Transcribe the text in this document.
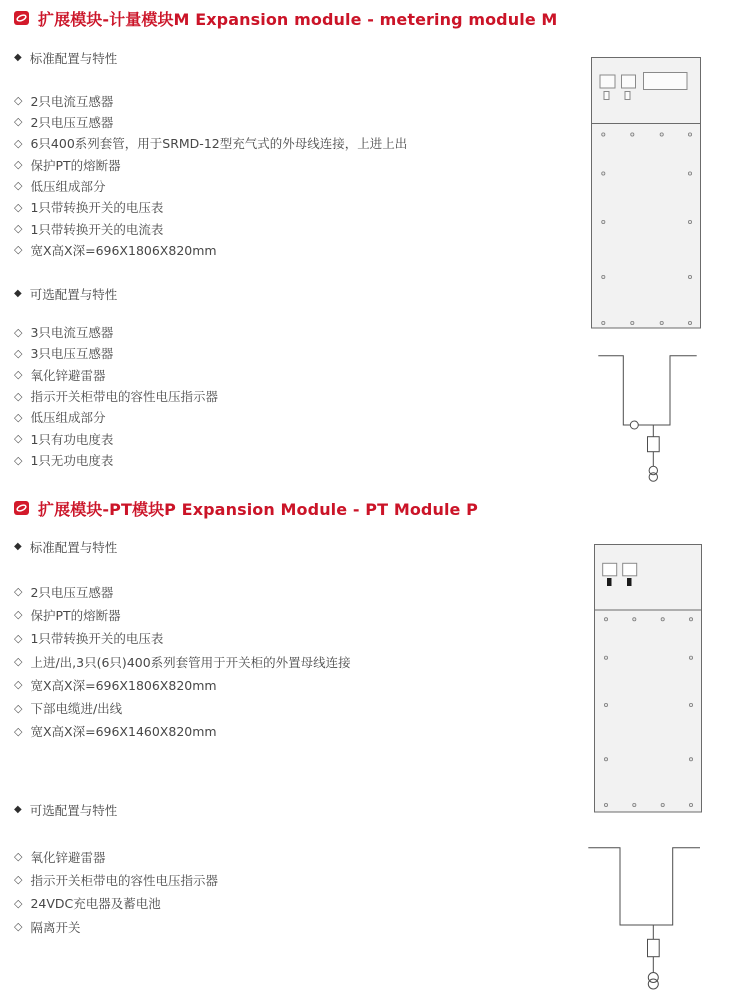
扩展模块-计量模块M Expansion module - metering module M
◆ 标准配置与特性
◇ 2只电流互感器
◇ 2只电压互感器
◇ 6只400系列套管，用于SRMD-12型充气式的外母线连接，上进上出
◇ 保护PT的熔断器
◇ 低压组成部分
◇ 1只带转换开关的电压表
◇ 1只带转换开关的电流表
◇ 宽X高X深=696X1806X820mm
◆ 可选配置与特性
◇ 3只电流互感器
◇ 3只电压互感器
◇ 氧化锌避雷器
◇ 指示开关柜带电的容性电压指示器
◇ 低压组成部分
◇ 1只有功电度表
◇ 1只无功电度表
扩展模块-PT模块P Expansion Module - PT Module P
◆ 标准配置与特性
◇ 2只电压互感器
◇ 保护PT的熔断器
◇ 1只带转换开关的电压表
◇ 上进/出,3只(6只)400系列套管用于开关柜的外置母线连接
◇ 宽X高X深=696X1806X820mm
◇ 下部电缆进/出线
◇ 宽X高X深=696X1460X820mm
◆ 可选配置与特性
◇ 氧化锌避雷器
◇ 指示开关柜带电的容性电压指示器
◇ 24VDC充电器及蓄电池
◇ 隔离开关
